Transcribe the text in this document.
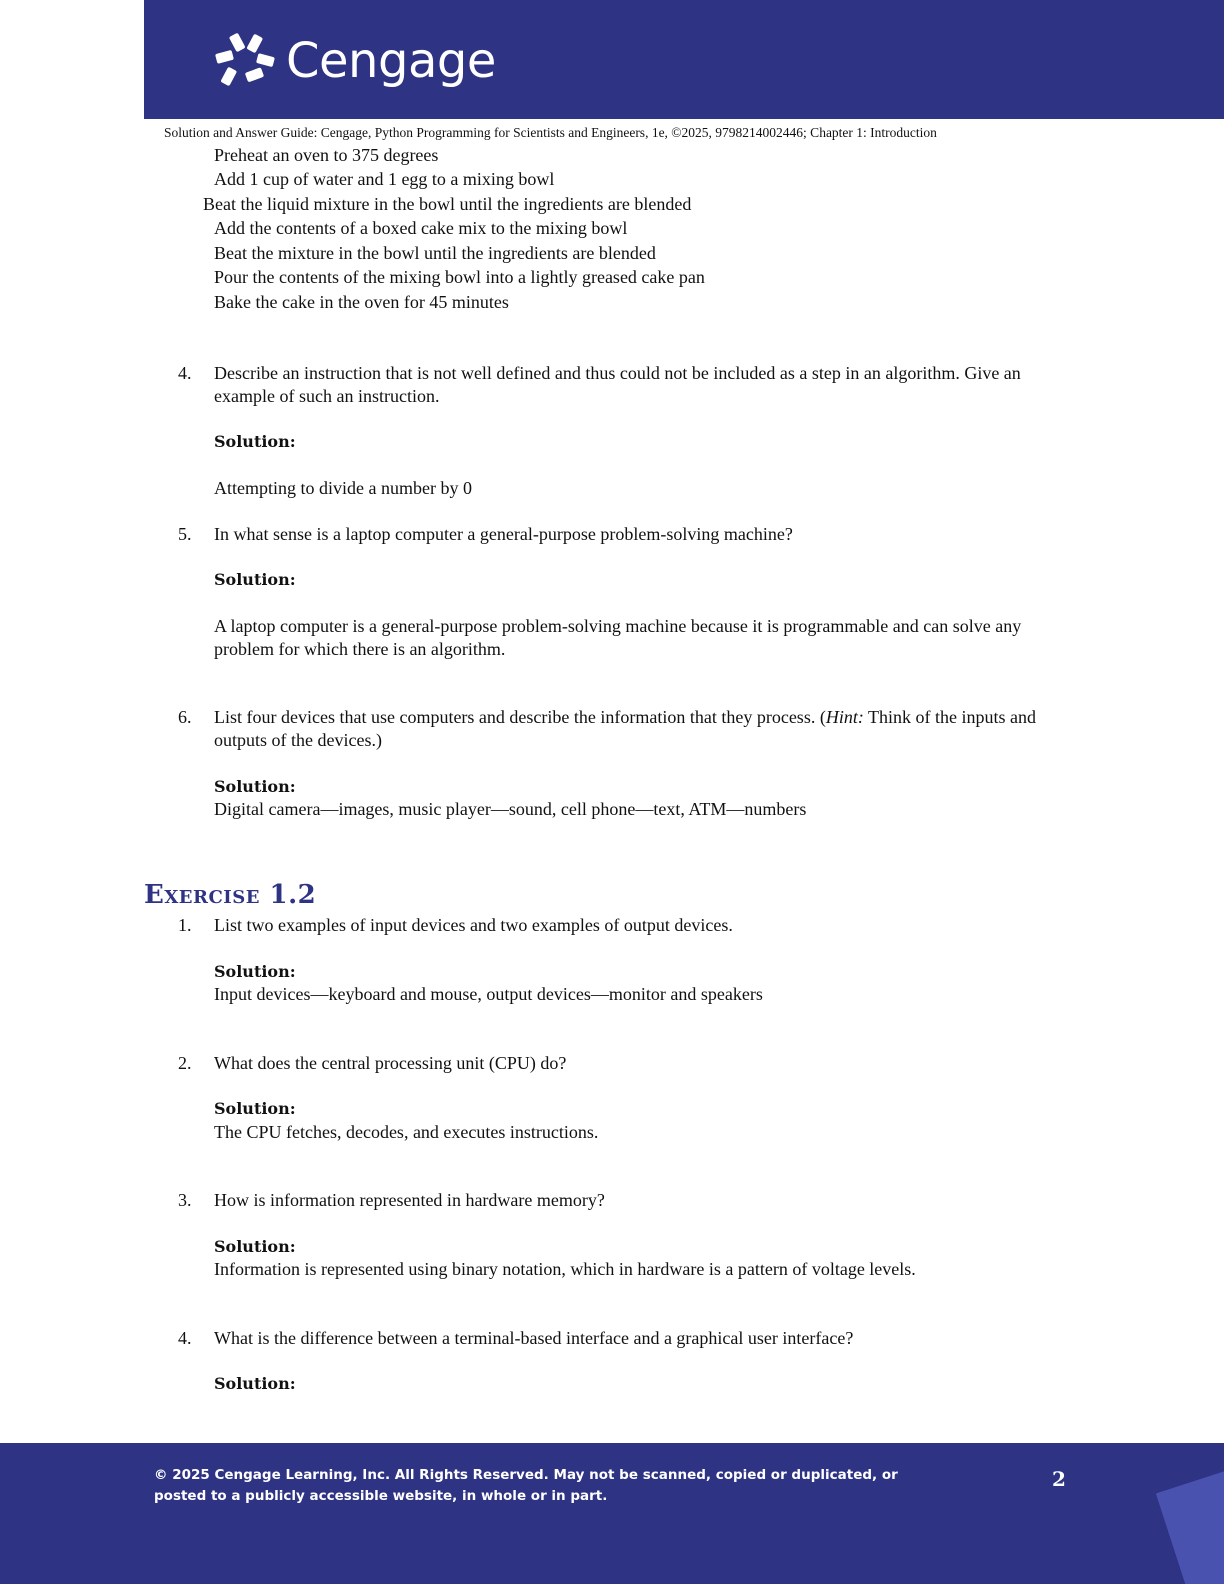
Cengage
Solution and Answer Guide: Cengage, Python Programming for Scientists and Engineers, 1e, ©2025, 9798214002446; Chapter 1: Introduction
Preheat an oven to 375 degrees
Add 1 cup of water and 1 egg to a mixing bowl
Beat the liquid mixture in the bowl until the ingredients are blended
Add the contents of a boxed cake mix to the mixing bowl
Beat the mixture in the bowl until the ingredients are blended
Pour the contents of the mixing bowl into a lightly greased cake pan
Bake the cake in the oven for 45 minutes
4. Describe an instruction that is not well defined and thus could not be included as a step in an algorithm. Give an example of such an instruction.
Solution:
Attempting to divide a number by 0
5. In what sense is a laptop computer a general-purpose problem-solving machine?
Solution:
A laptop computer is a general-purpose problem-solving machine because it is programmable and can solve any problem for which there is an algorithm.
6. List four devices that use computers and describe the information that they process. (Hint: Think of the inputs and outputs of the devices.)
Solution:
Digital camera—images, music player—sound, cell phone—text, ATM—numbers
Exercise 1.2
1. List two examples of input devices and two examples of output devices.
Solution:
Input devices—keyboard and mouse, output devices—monitor and speakers
2. What does the central processing unit (CPU) do?
Solution:
The CPU fetches, decodes, and executes instructions.
3. How is information represented in hardware memory?
Solution:
Information is represented using binary notation, which in hardware is a pattern of voltage levels.
4. What is the difference between a terminal-based interface and a graphical user interface?
Solution:
© 2025 Cengage Learning, Inc. All Rights Reserved. May not be scanned, copied or duplicated, or posted to a publicly accessible website, in whole or in part.
2
